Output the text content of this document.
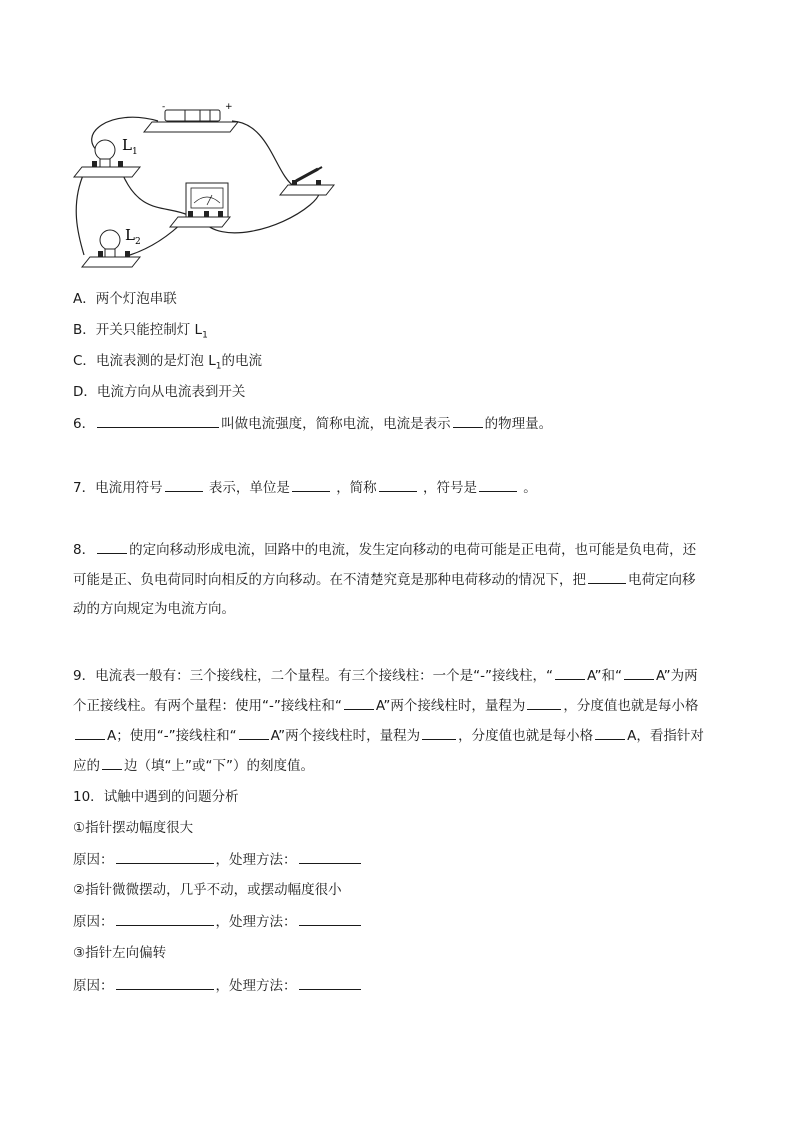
-	+
$L_1$
$L_2$
A．两个灯泡串联
B．开关只能控制灯 $L_1$
C．电流表测的是灯泡 $L_1$的电流
D．电流方向从电流表到开关
6．	叫做电流强度，简称电流，电流是表示	的物理量。
7．电流用符号	表示，单位是	，简称	，符号是	。
8．	的定向移动形成电流，回路中的电流，发生定向移动的电荷可能是正电荷，也可能是负电荷，还
可能是正、负电荷同时向相反的方向移动。在不清楚究竟是那种电荷移动的情况下，把	电荷定向移
动的方向规定为电流方向。
9．电流表一般有：三个接线柱，二个量程。有三个接线柱：一个是“-”接线柱，“	A”和“	A”为两
个正接线柱。有两个量程：使用“-”接线柱和“	A”两个接线柱时，量程为	，分度值也就是每小格
A；使用“-”接线柱和“	A”两个接线柱时，量程为	，分度值也就是每小格	A，看指针对
应的 边（填“上”或“下”）的刻度值。
10．试触中遇到的问题分析
①指针摆动幅度很大
原因：	，处理方法：
②指针微微摆动，几乎不动，或摆动幅度很小
原因：	，处理方法：
③指针左向偏转
原因：	，处理方法：
